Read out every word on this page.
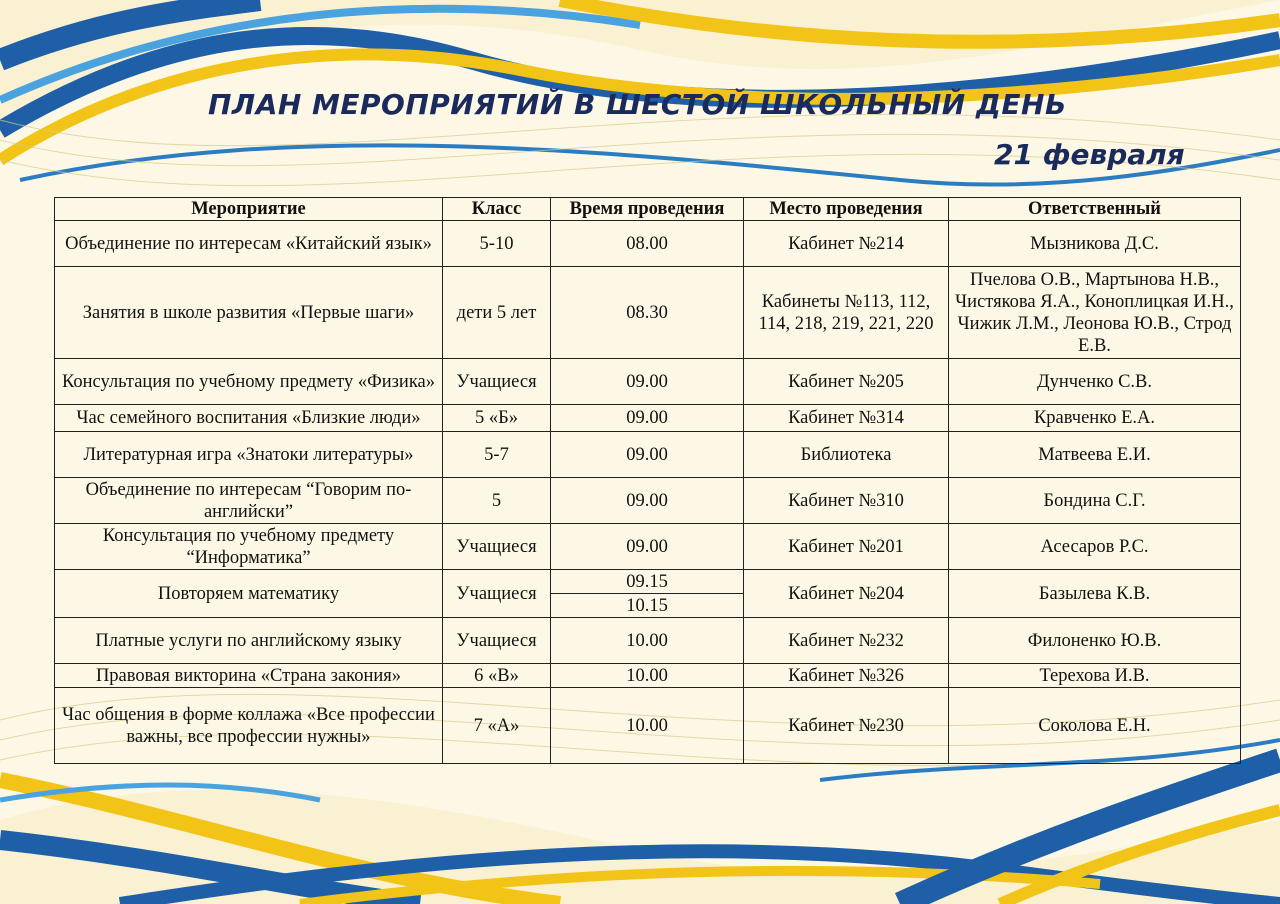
ПЛАН МЕРОПРИЯТИЙ В ШЕСТОЙ ШКОЛЬНЫЙ ДЕНЬ
21 февраля
Мероприятие	Класс	Время проведения	Место проведения	Ответственный
Объединение по интересам «Китайский язык»	5-10	08.00	Кабинет №214	Мызникова Д.С.
Занятия в школе развития «Первые шаги»	дети 5 лет	08.30	Кабинеты №113, 112, 114, 218, 219, 221, 220	Пчелова О.В., Мартынова Н.В., Чистякова Я.А., Коноплицкая И.Н., Чижик Л.М., Леонова Ю.В., Строд Е.В.
Консультация по учебному предмету «Физика»	Учащиеся	09.00	Кабинет №205	Дунченко С.В.
Час семейного воспитания «Близкие люди»	5 «Б»	09.00	Кабинет №314	Кравченко Е.А.
Литературная игра «Знатоки литературы»	5-7	09.00	Библиотека	Матвеева Е.И.
Объединение по интересам “Говорим по-английски”	5	09.00	Кабинет №310	Бондина С.Г.
Консультация по учебному предмету “Информатика”	Учащиеся	09.00	Кабинет №201	Асесаров Р.С.
Повторяем математику	Учащиеся	09.15	Кабинет №204	Базылева К.В.
		10.15		
Платные услуги по английскому языку	Учащиеся	10.00	Кабинет №232	Филоненко Ю.В.
Правовая викторина «Страна закония»	6 «В»	10.00	Кабинет №326	Терехова И.В.
Час общения в форме коллажа «Все профессии важны, все профессии нужны»	7 «А»	10.00	Кабинет №230	Соколова Е.Н.
